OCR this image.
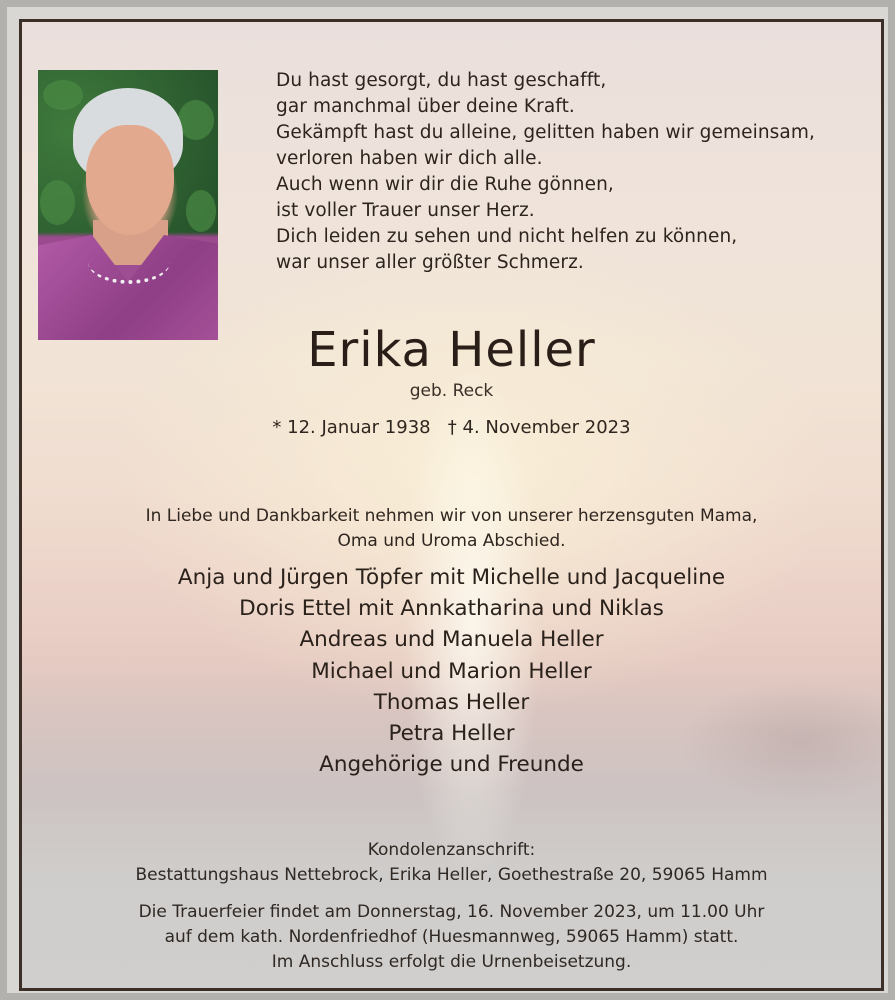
Du hast gesorgt, du hast geschafft,
gar manchmal über deine Kraft.
Gekämpft hast du alleine, gelitten haben wir gemeinsam,
verloren haben wir dich alle.
Auch wenn wir dir die Ruhe gönnen,
ist voller Trauer unser Herz.
Dich leiden zu sehen und nicht helfen zu können,
war unser aller größter Schmerz.
Erika Heller
geb. Reck
* 12. Januar 1938   † 4. November 2023
In Liebe und Dankbarkeit nehmen wir von unserer herzensguten Mama,
Oma und Uroma Abschied.
Anja und Jürgen Töpfer mit Michelle und Jacqueline
Doris Ettel mit Annkatharina und Niklas
Andreas und Manuela Heller
Michael und Marion Heller
Thomas Heller
Petra Heller
Angehörige und Freunde
Kondolenzanschrift:
Bestattungshaus Nettebrock, Erika Heller, Goethestraße 20, 59065 Hamm
Die Trauerfeier findet am Donnerstag, 16. November 2023, um 11.00 Uhr
auf dem kath. Nordenfriedhof (Huesmannweg, 59065 Hamm) statt.
Im Anschluss erfolgt die Urnenbeisetzung.
